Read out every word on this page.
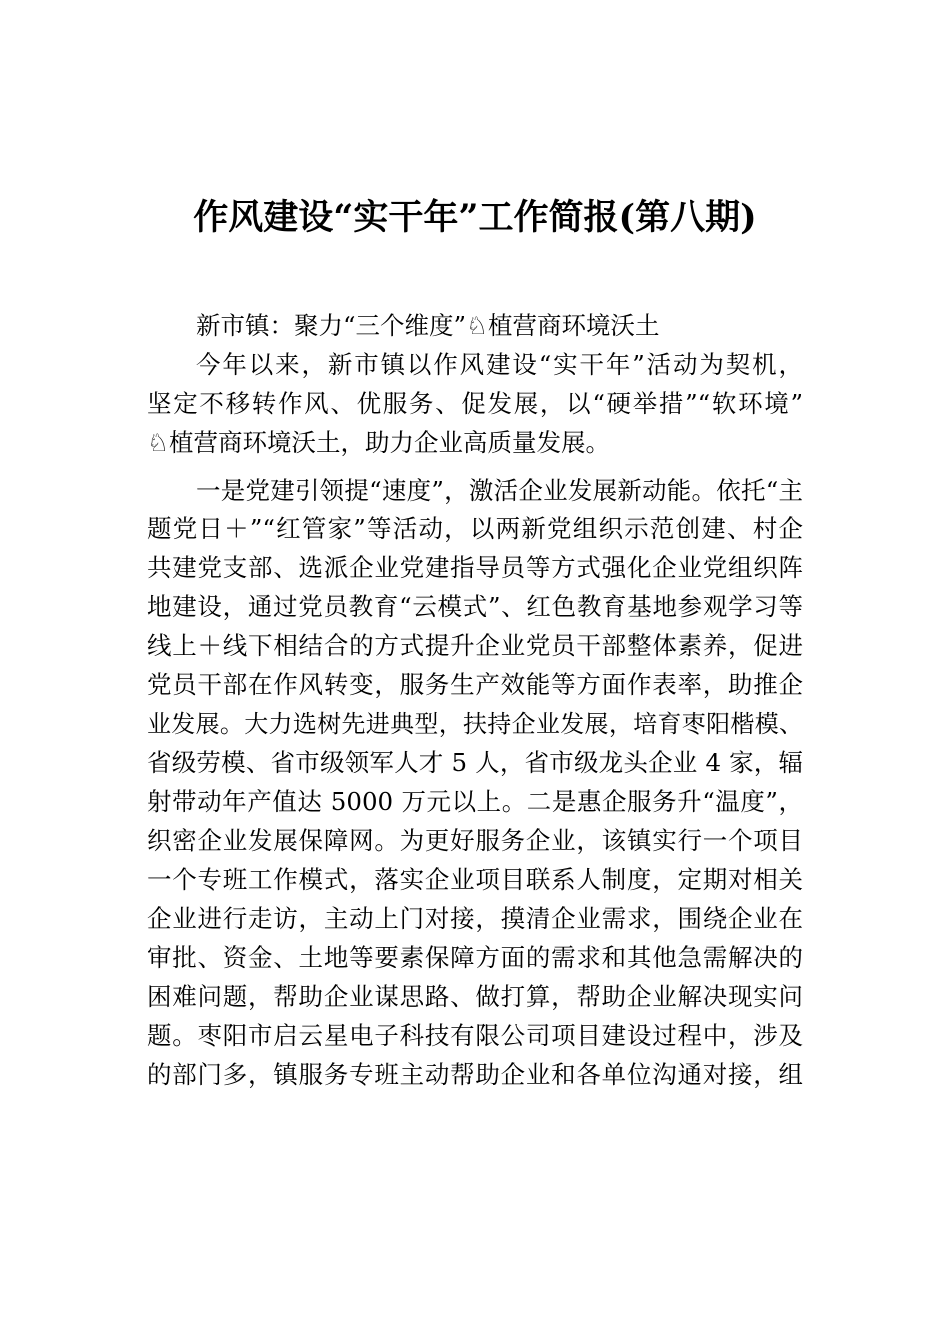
作风建设“实干年”工作简报(第八期)
新市镇：聚力“三个维度”♘植营商环境沃土
今年以来，新市镇以作风建设“实干年”活动为契机，
坚定不移转作风、优服务、促发展，以“硬举措”“软环境”
♘植营商环境沃土，助力企业高质量发展。
一是党建引领提“速度”，激活企业发展新动能。依托“主
题党日＋”“红管家”等活动，以两新党组织示范创建、村企
共建党支部、选派企业党建指导员等方式强化企业党组织阵
地建设，通过党员教育“云模式”、红色教育基地参观学习等
线上＋线下相结合的方式提升企业党员干部整体素养，促进
党员干部在作风转变，服务生产效能等方面作表率，助推企
业发展。大力选树先进典型，扶持企业发展，培育枣阳楷模、
省级劳模、省市级领军人才 5 人，省市级龙头企业 4 家，辐
射带动年产值达 5000 万元以上。二是惠企服务升“温度”，
织密企业发展保障网。为更好服务企业，该镇实行一个项目
一个专班工作模式，落实企业项目联系人制度，定期对相关
企业进行走访，主动上门对接，摸清企业需求，围绕企业在
审批、资金、土地等要素保障方面的需求和其他急需解决的
困难问题，帮助企业谋思路、做打算，帮助企业解决现实问
题。枣阳市启云星电子科技有限公司项目建设过程中，涉及
的部门多，镇服务专班主动帮助企业和各单位沟通对接，组
